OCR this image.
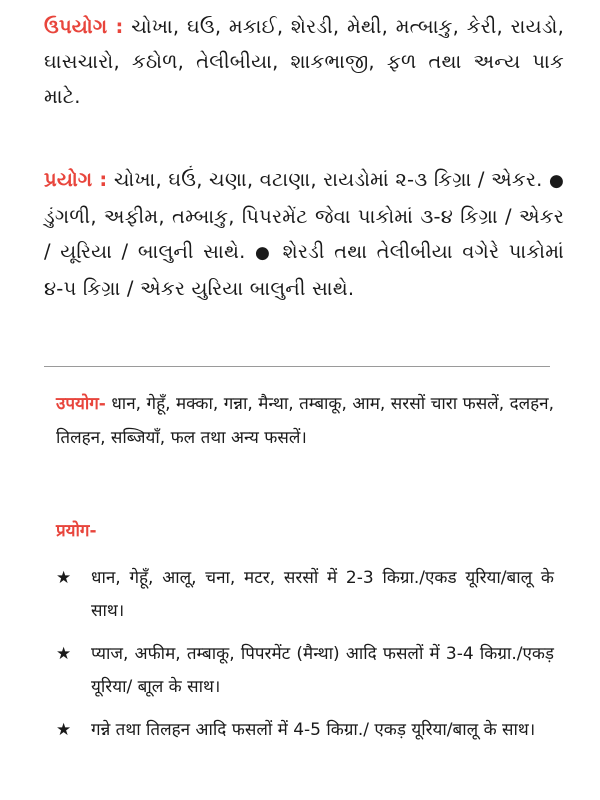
ઉપયોગ : ચોખા, ઘઉ, મકાઈ, શેરડી, મેથી, મત્બાકુ, કેરી, રાયડો, ઘાસચારો, કઠોળ, તેલીબીયા, શાકભાજી, ફળ તથા અન્ય પાક માટે.
પ્રયોગ : ચોખા, ઘઉં, ચણા, વટાણા, રાયડોમાં ૨-૩ કિગ્રા / એકર. ● ડુંગળી, અફીમ, તમ્બાકુ, પિપરમેંટ જેવા પાકોમાં ૩-૪ કિગ્રા / એકર / યૂરિયા / બાલુની સાથે. ● શેરડી તથા તેલીબીયા વગેરે પાકોમાં ૪-૫ કિગ્રા / એકર યુરિયા બાલુની સાથે.
उपयोग- धान, गेहूँ, मक्का, गन्ना, मैन्था, तम्बाकू, आम, सरसों चारा फसलें, दलहन, तिलहन, सब्जियाँ, फल तथा अन्य फसलें।
प्रयोग-
★ धान, गेहूँ, आलू, चना, मटर, सरसों में 2-3 किग्रा./एकड यूरिया/बालू के साथ।
★ प्याज, अफीम, तम्बाकू, पिपरमेंट (मैन्था) आदि फसलों में 3-4 किग्रा./एकड़ यूरिया/ बाूल के साथ।
★ गन्ने तथा तिलहन आदि फसलों में 4-5 किग्रा./ एकड़ यूरिया/बालू के साथ।
